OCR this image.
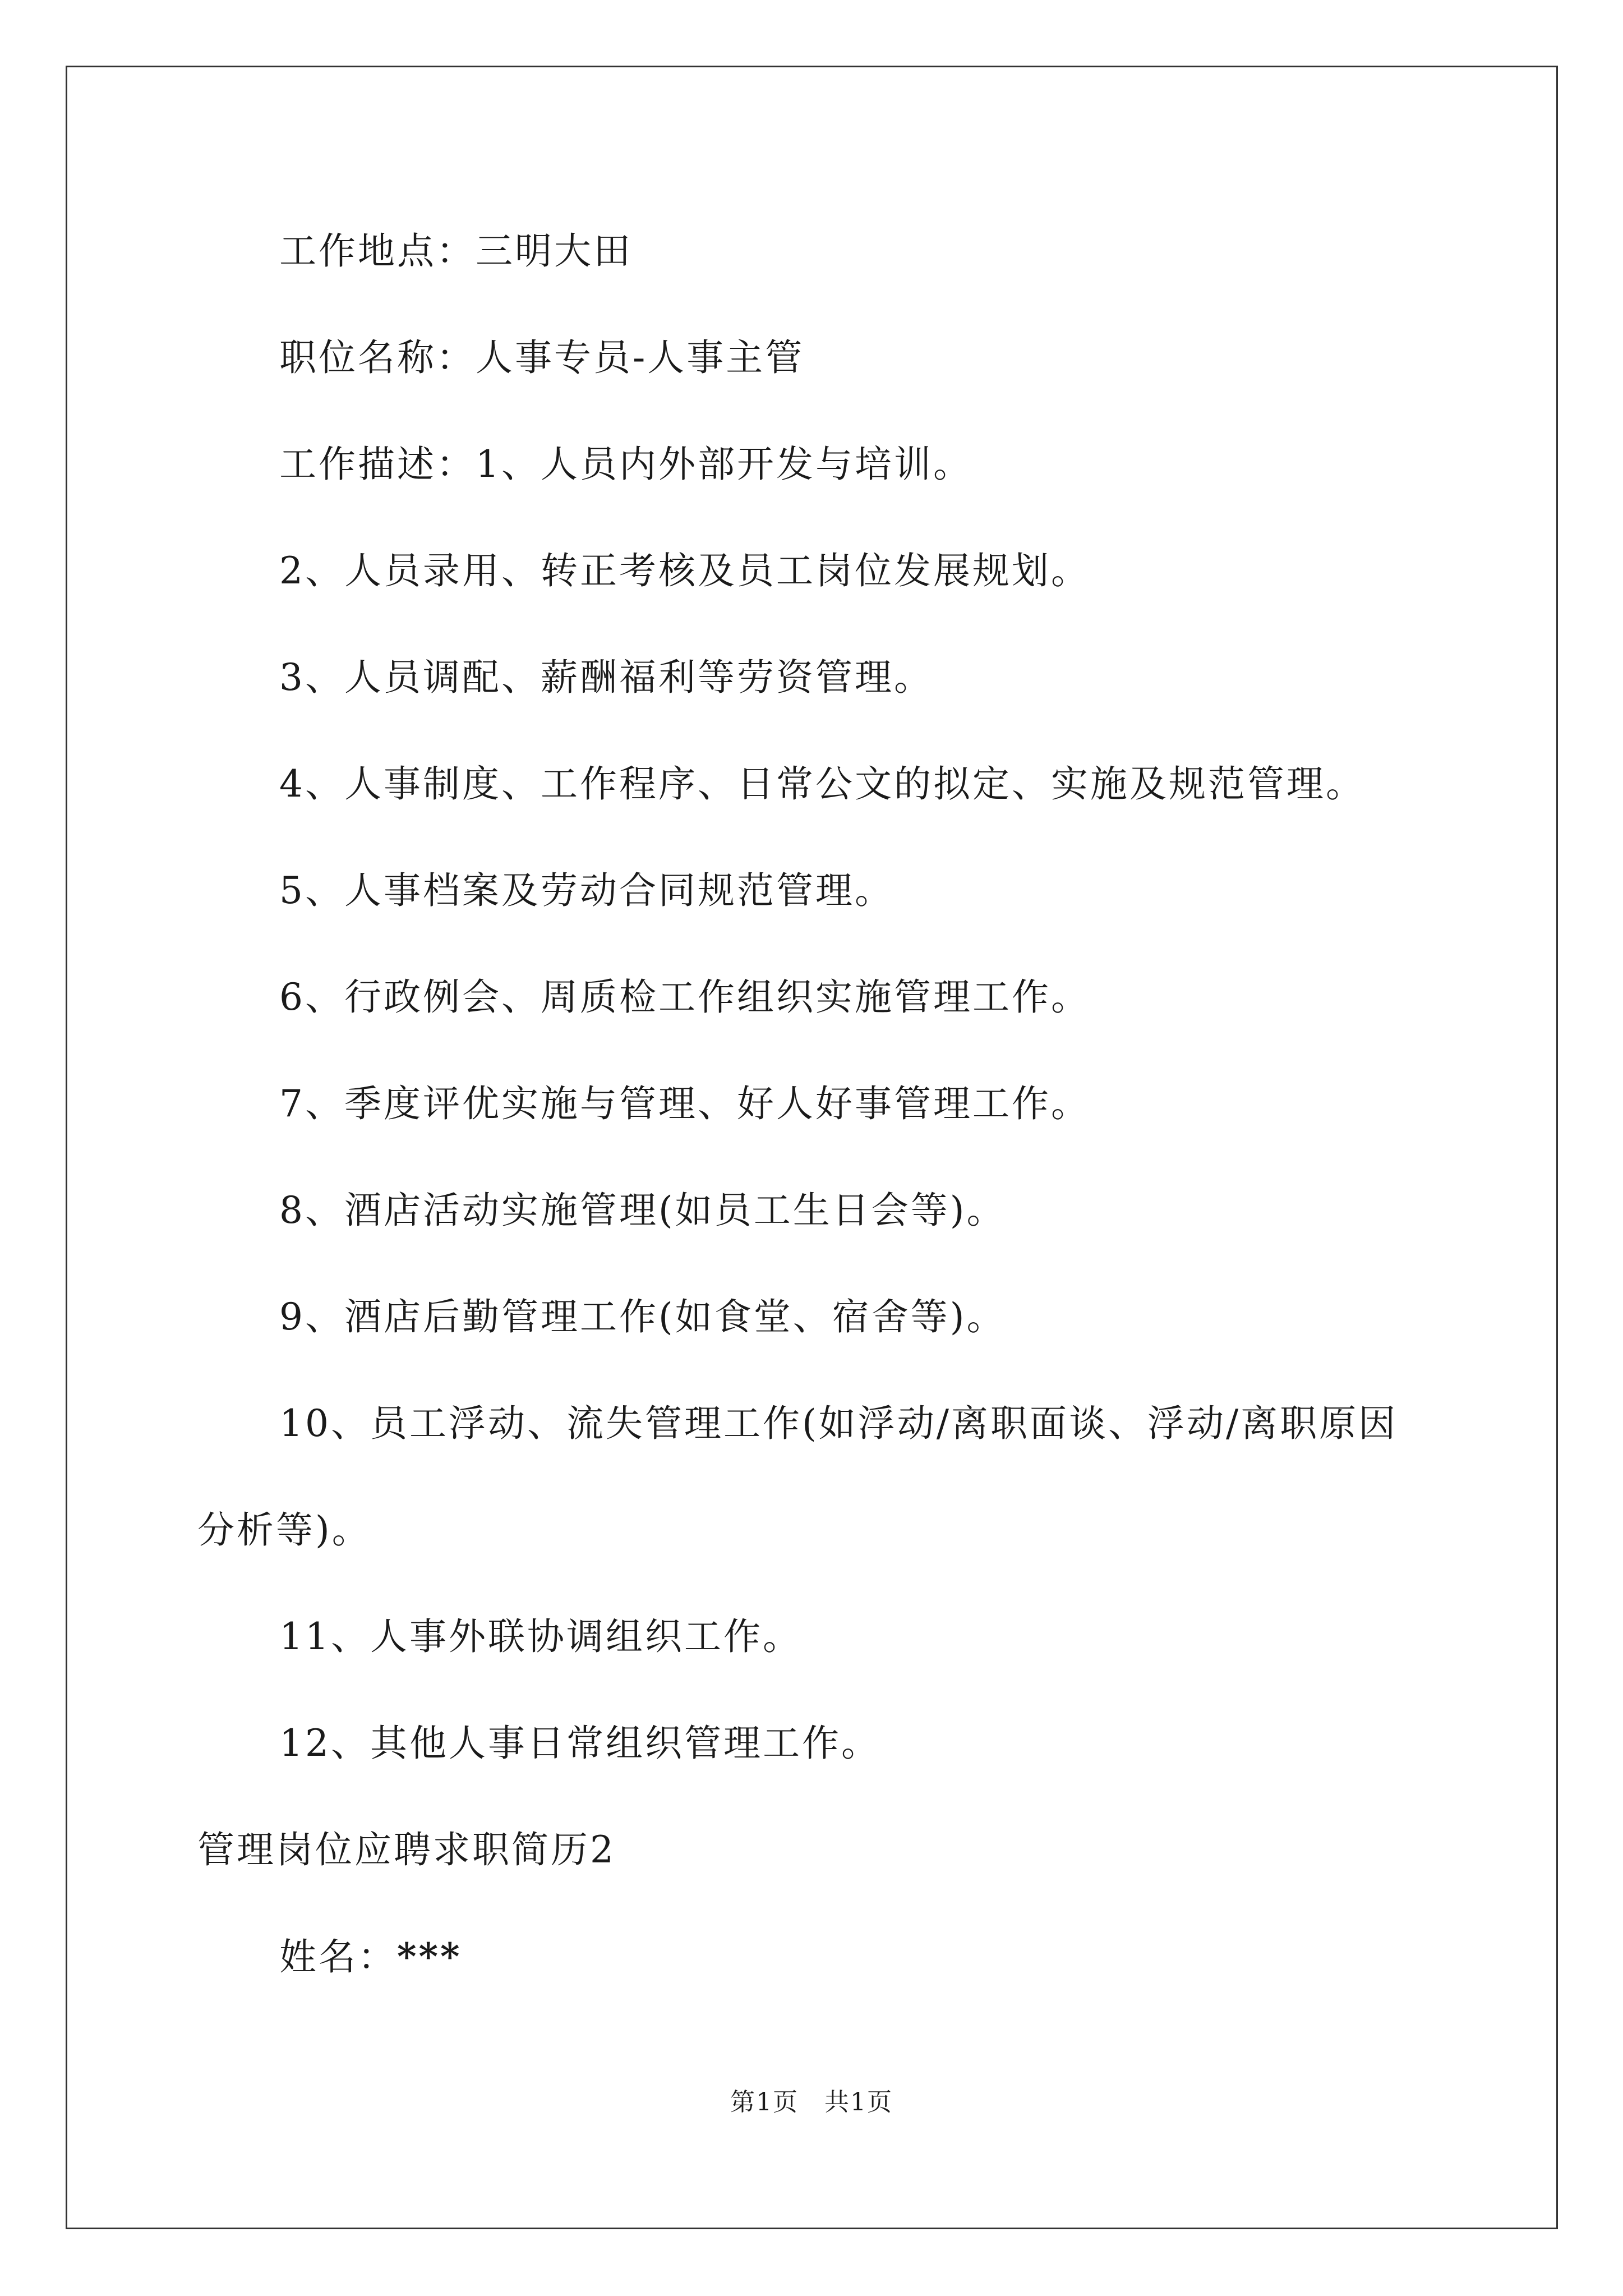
工作地点：三明大田
职位名称：人事专员-人事主管
工作描述：1、人员内外部开发与培训。
2、人员录用、转正考核及员工岗位发展规划。
3、人员调配、薪酬福利等劳资管理。
4、人事制度、工作程序、日常公文的拟定、实施及规范管理。
5、人事档案及劳动合同规范管理。
6、行政例会、周质检工作组织实施管理工作。
7、季度评优实施与管理、好人好事管理工作。
8、酒店活动实施管理(如员工生日会等)。
9、酒店后勤管理工作(如食堂、宿舍等)。
10、员工浮动、流失管理工作(如浮动/离职面谈、浮动/离职原因
分析等)。
11、人事外联协调组织工作。
12、其他人事日常组织管理工作。
管理岗位应聘求职简历2
姓名：***
第1页　共1页
